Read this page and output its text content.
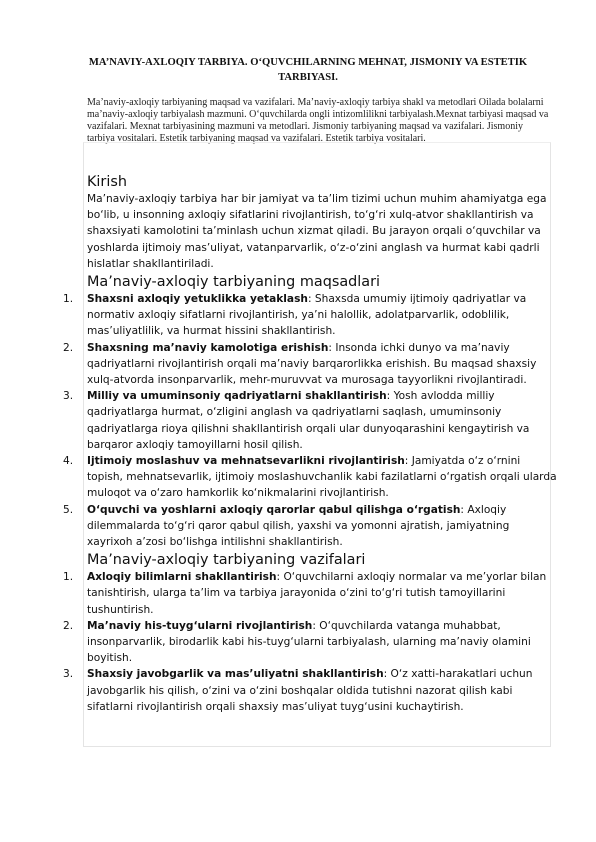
MA’NAVIY-AXLOQIY TARBIYA. O‘QUVCHILARNING MEHNAT, JISMONIY VA ESTETIK TARBIYASI.

Ma’naviy-axloqiy tarbiyaning maqsad va vazifalari. Ma’naviy-axloqiy tarbiya shakl va metodlari Oilada bolalarni ma’naviy-axloqiy tarbiyalash mazmuni. O‘quvchilarda ongli intizomlilikni tarbiyalash.Mexnat tarbiyasi maqsad va vazifalari. Mexnat tarbiyasining mazmuni va metodlari. Jismoniy tarbiyaning maqsad va vazifalari. Jismoniy tarbiya vositalari. Estetik tarbiyaning maqsad va vazifalari. Estetik tarbiya vositalari.

Kirish

Ma’naviy-axloqiy tarbiya har bir jamiyat va ta’lim tizimi uchun muhim ahamiyatga ega bo‘lib, u insonning axloqiy sifatlarini rivojlantirish, to‘g‘ri xulq-atvor shakllantirish va shaxsiyati kamolotini ta’minlash uchun xizmat qiladi. Bu jarayon orqali o‘quvchilar va yoshlarda ijtimoiy mas’uliyat, vatanparvarlik, o‘z-o‘zini anglash va hurmat kabi qadrli hislatlar shakllantiriladi.

Ma’naviy-axloqiy tarbiyaning maqsadlari
1. Shaxsni axloqiy yetuklikka yetaklash: Shaxsda umumiy ijtimoiy qadriyatlar va normativ axloqiy sifatlarni rivojlantirish, ya’ni halollik, adolatparvarlik, odoblilik, mas’uliyatlilik, va hurmat hissini shakllantirish.
2. Shaxsning ma’naviy kamolotiga erishish: Insonda ichki dunyo va ma’naviy qadriyatlarni rivojlantirish orqali ma’naviy barqarorlikka erishish. Bu maqsad shaxsiy xulq-atvorda insonparvarlik, mehr-muruvvat va murosaga tayyorlikni rivojlantiradi.
3. Milliy va umuminsoniy qadriyatlarni shakllantirish: Yosh avlodda milliy qadriyatlarga hurmat, o‘zligini anglash va qadriyatlarni saqlash, umuminsoniy qadriyatlarga rioya qilishni shakllantirish orqali ular dunyoqarashini kengaytirish va barqaror axloqiy tamoyillarni hosil qilish.
4. Ijtimoiy moslashuv va mehnatsevarlikni rivojlantirish: Jamiyatda o‘z o‘rnini topish, mehnatsevarlik, ijtimoiy moslashuvchanlik kabi fazilatlarni o‘rgatish orqali ularda muloqot va o‘zaro hamkorlik ko‘nikmalarini rivojlantirish.
5. O‘quvchi va yoshlarni axloqiy qarorlar qabul qilishga o‘rgatish: Axloqiy dilemmalarda to‘g‘ri qaror qabul qilish, yaxshi va yomonni ajratish, jamiyatning xayrixoh a’zosi bo‘lishga intilishni shakllantirish.
Ma’naviy-axloqiy tarbiyaning vazifalari
1. Axloqiy bilimlarni shakllantirish: O‘quvchilarni axloqiy normalar va me’yorlar bilan tanishtirish, ularga ta’lim va tarbiya jarayonida o‘zini to‘g‘ri tutish tamoyillarini tushuntirish.
2. Ma’naviy his-tuyg‘ularni rivojlantirish: O‘quvchilarda vatanga muhabbat, insonparvarlik, birodarlik kabi his-tuyg‘ularni tarbiyalash, ularning ma’naviy olamini boyitish.
3. Shaxsiy javobgarlik va mas’uliyatni shakllantirish: O‘z xatti-harakatlari uchun javobgarlik his qilish, o‘zini va o‘zini boshqalar oldida tutishni nazorat qilish kabi sifatlarni rivojlantirish orqali shaxsiy mas’uliyat tuyg‘usini kuchaytirish.
